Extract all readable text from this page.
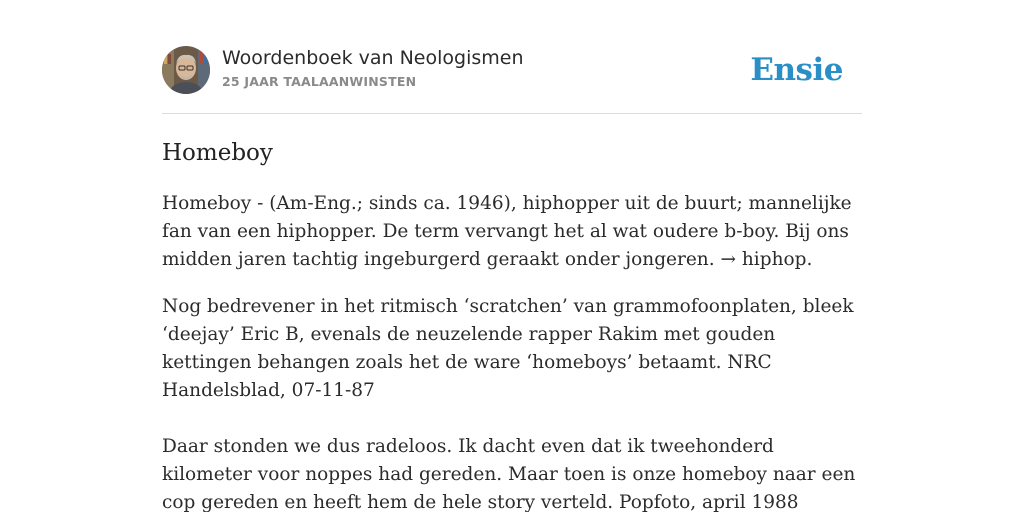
Woordenboek van Neologismen
25 JAAR TAALAANWINSTEN	Ensie
Homeboy

Homeboy - (Am-Eng.; sinds ca. 1946), hiphopper uit de buurt; mannelijke fan van een hiphopper. De term vervangt het al wat oudere b-boy. Bij ons midden jaren tachtig ingeburgerd geraakt onder jongeren. → hiphop.

Nog bedrevener in het ritmisch ‘scratchen’ van grammofoonplaten, bleek ‘deejay’ Eric B, evenals de neuzelende rapper Rakim met gouden kettingen behangen zoals het de ware ‘homeboys’ betaamt. NRC Handelsblad, 07-11-87

Daar stonden we dus radeloos. Ik dacht even dat ik tweehonderd kilometer voor noppes had gereden. Maar toen is onze homeboy naar een cop gereden en heeft hem de hele story verteld. Popfoto, april 1988
